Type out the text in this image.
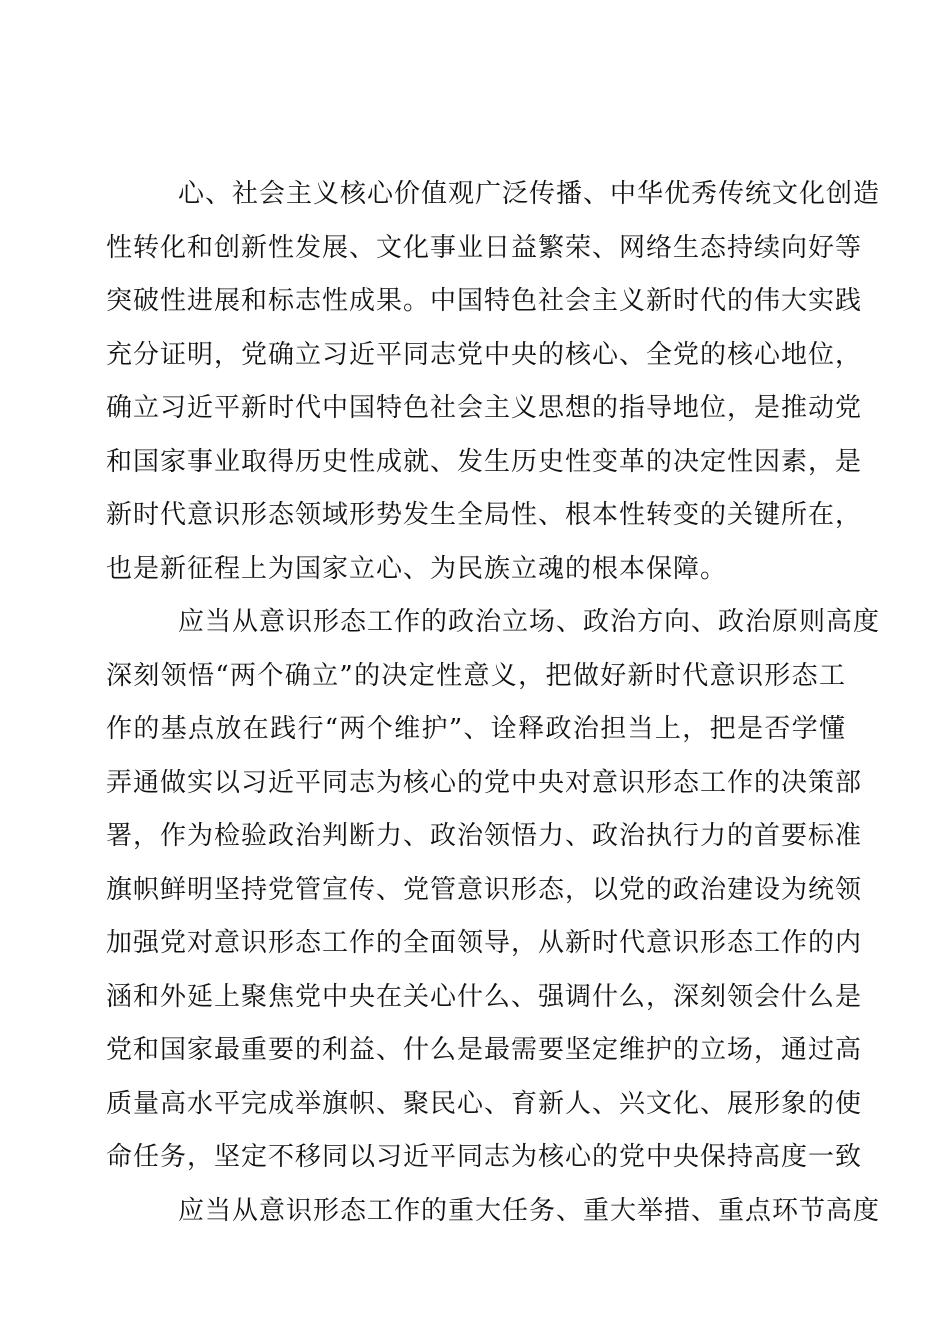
心、社会主义核心价值观广泛传播、中华优秀传统文化创造
性转化和创新性发展、文化事业日益繁荣、网络生态持续向好等
突破性进展和标志性成果。中国特色社会主义新时代的伟大实践
充分证明，党确立习近平同志党中央的核心、全党的核心地位，
确立习近平新时代中国特色社会主义思想的指导地位，是推动党
和国家事业取得历史性成就、发生历史性变革的决定性因素，是
新时代意识形态领域形势发生全局性、根本性转变的关键所在，
也是新征程上为国家立心、为民族立魂的根本保障。
应当从意识形态工作的政治立场、政治方向、政治原则高度
深刻领悟“两个确立”的决定性意义，把做好新时代意识形态工
作的基点放在践行“两个维护”、诠释政治担当上，把是否学懂
弄通做实以习近平同志为核心的党中央对意识形态工作的决策部
署，作为检验政治判断力、政治领悟力、政治执行力的首要标准
旗帜鲜明坚持党管宣传、党管意识形态，以党的政治建设为统领
加强党对意识形态工作的全面领导，从新时代意识形态工作的内
涵和外延上聚焦党中央在关心什么、强调什么，深刻领会什么是
党和国家最重要的利益、什么是最需要坚定维护的立场，通过高
质量高水平完成举旗帜、聚民心、育新人、兴文化、展形象的使
命任务，坚定不移同以习近平同志为核心的党中央保持高度一致
应当从意识形态工作的重大任务、重大举措、重点环节高度
